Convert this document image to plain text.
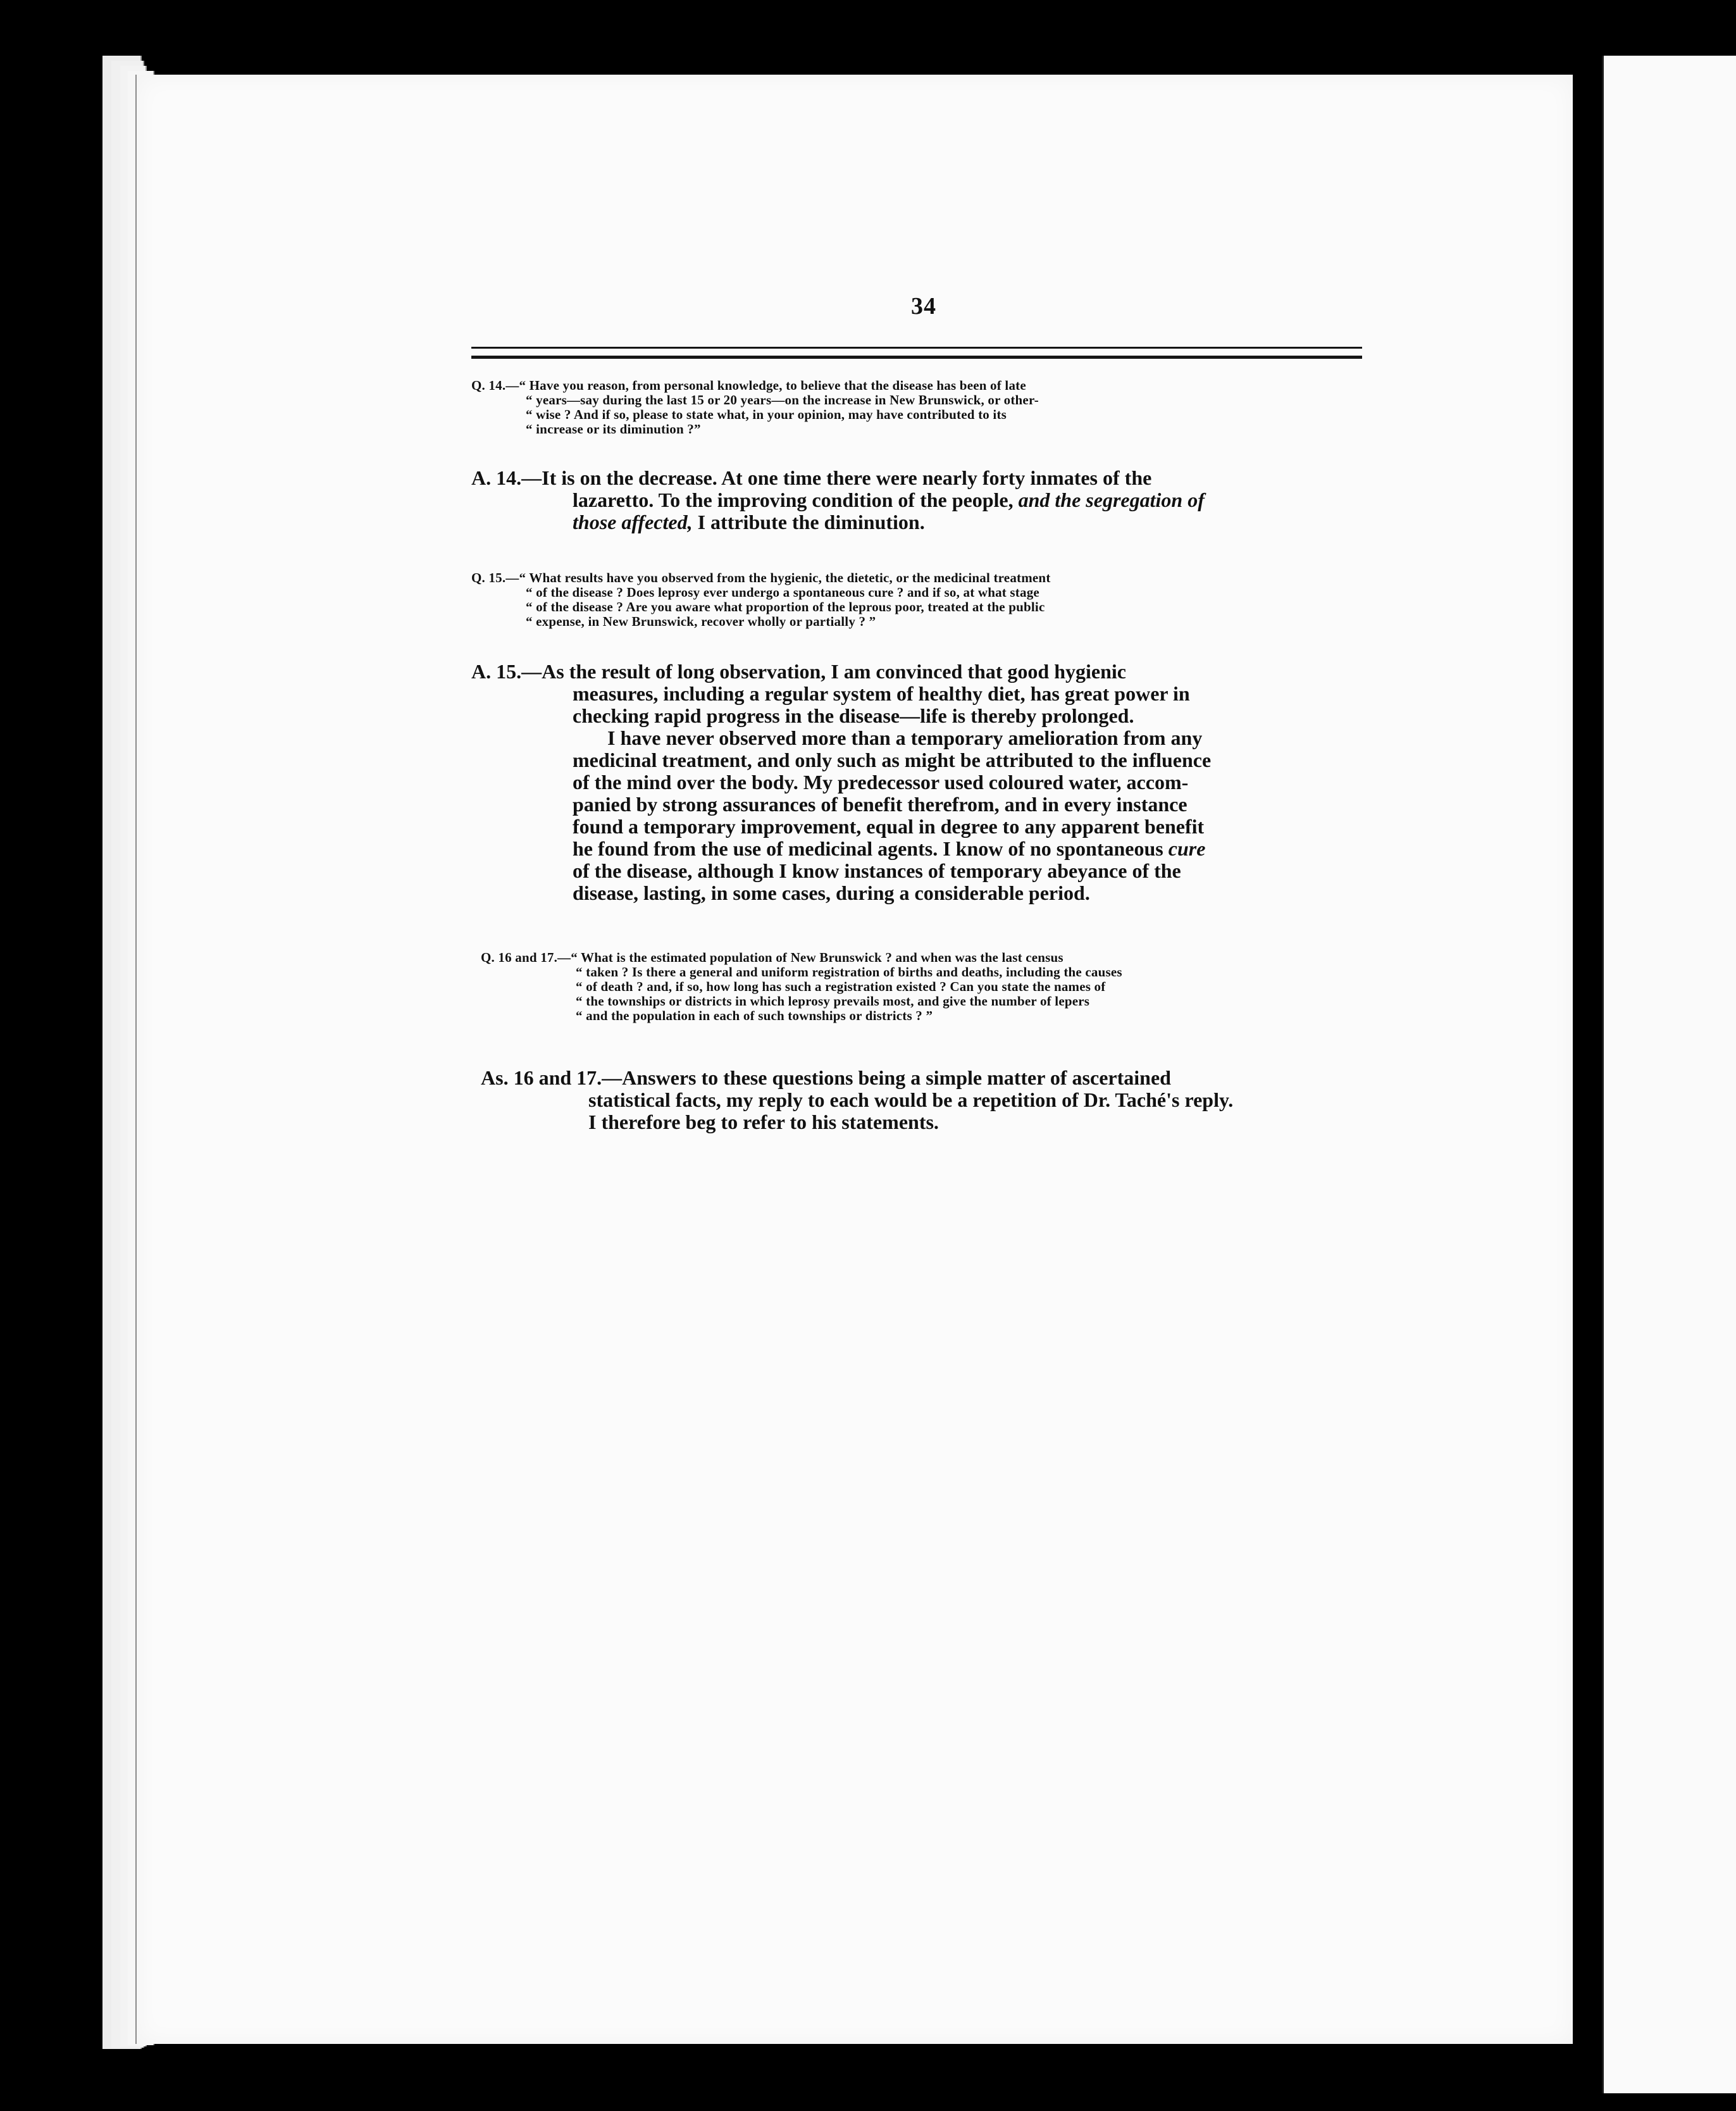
34
Q. 14.—“ Have you reason, from personal knowledge, to believe that the disease has been of late
“ years—say during the last 15 or 20 years—on the increase in New Brunswick, or other-
“ wise ? And if so, please to state what, in your opinion, may have contributed to its
“ increase or its diminution ?”
A. 14.—It is on the decrease. At one time there were nearly forty inmates of the
lazaretto. To the improving condition of the people, and the segregation of
those affected, I attribute the diminution.
Q. 15.—“ What results have you observed from the hygienic, the dietetic, or the medicinal treatment
“ of the disease ? Does leprosy ever undergo a spontaneous cure ? and if so, at what stage
“ of the disease ? Are you aware what proportion of the leprous poor, treated at the public
“ expense, in New Brunswick, recover wholly or partially ? ”
A. 15.—As the result of long observation, I am convinced that good hygienic
measures, including a regular system of healthy diet, has great power in
checking rapid progress in the disease—life is thereby prolonged.
I have never observed more than a temporary amelioration from any
medicinal treatment, and only such as might be attributed to the influence
of the mind over the body. My predecessor used coloured water, accom-
panied by strong assurances of benefit therefrom, and in every instance
found a temporary improvement, equal in degree to any apparent benefit
he found from the use of medicinal agents. I know of no spontaneous cure
of the disease, although I know instances of temporary abeyance of the
disease, lasting, in some cases, during a considerable period.
Q. 16 and 17.—“ What is the estimated population of New Brunswick ? and when was the last census
“ taken ? Is there a general and uniform registration of births and deaths, including the causes
“ of death ? and, if so, how long has such a registration existed ? Can you state the names of
“ the townships or districts in which leprosy prevails most, and give the number of lepers
“ and the population in each of such townships or districts ? ”
As. 16 and 17.—Answers to these questions being a simple matter of ascertained
statistical facts, my reply to each would be a repetition of Dr. Taché's reply.
I therefore beg to refer to his statements.
